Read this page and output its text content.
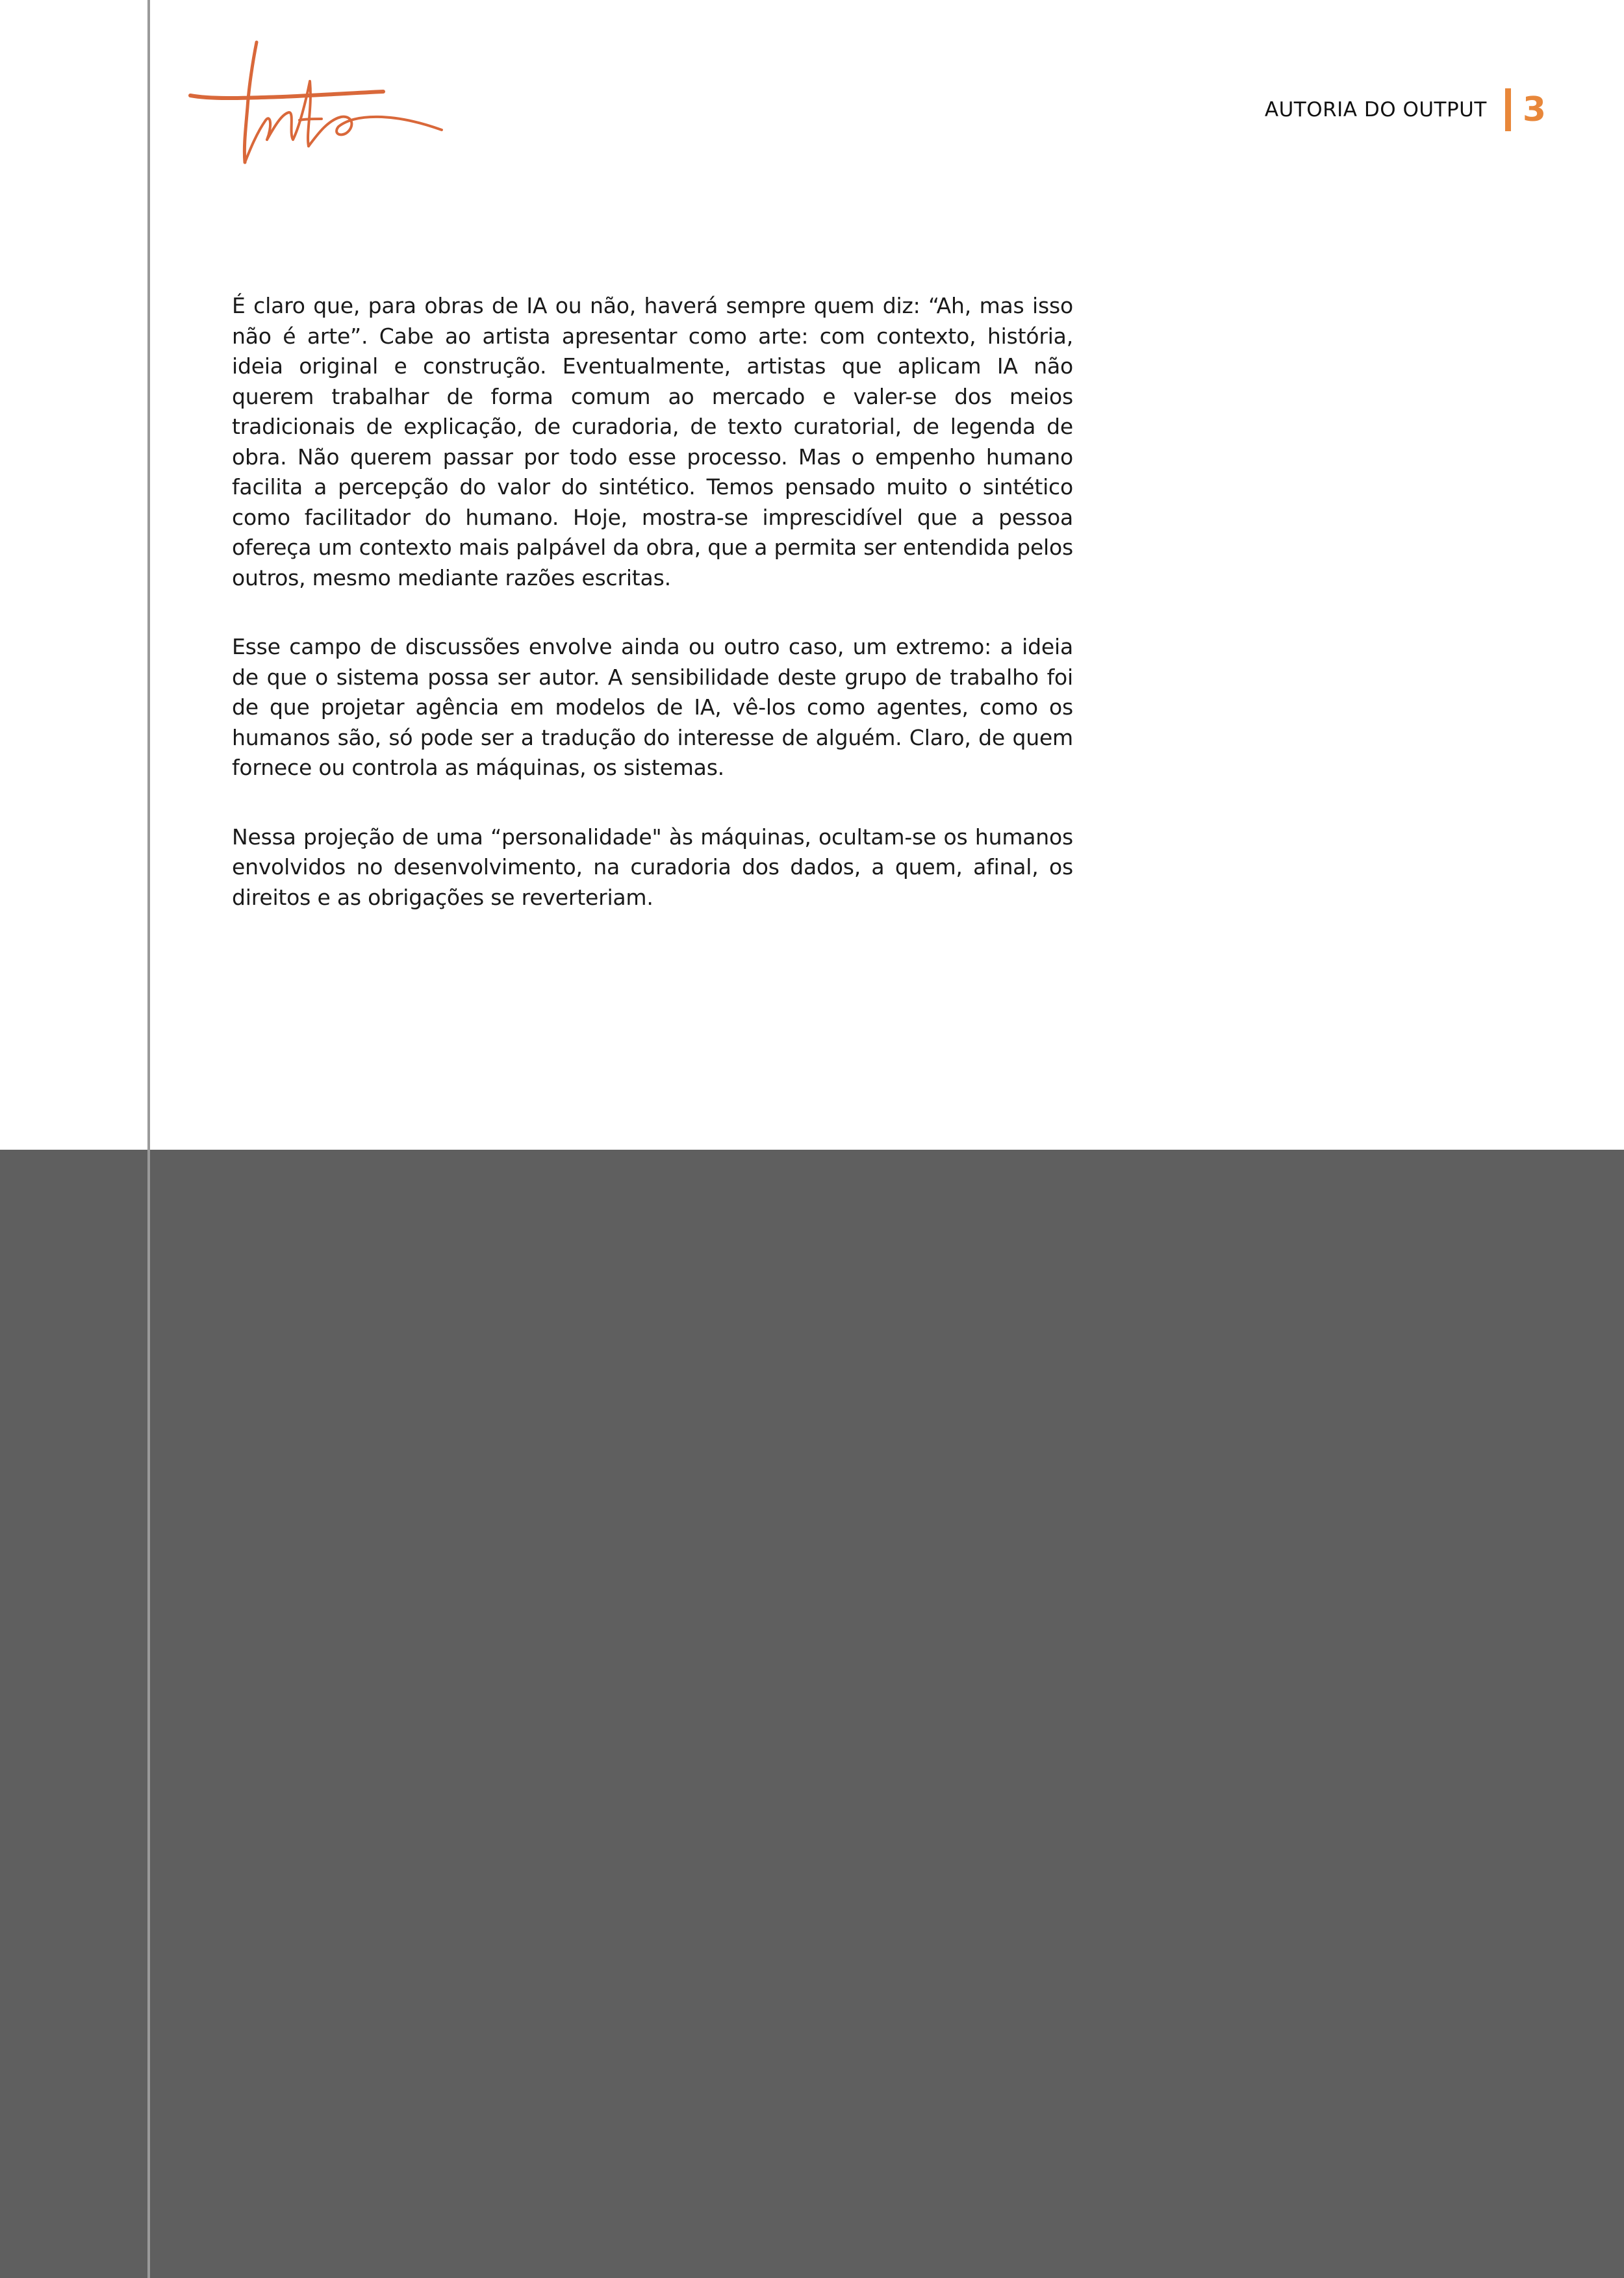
AUTORIA DO OUTPUT 3

É claro que, para obras de IA ou não, haverá sempre quem diz: “Ah, mas isso não é arte”. Cabe ao artista apresentar como arte: com contexto, história, ideia original e construção. Eventualmente, artistas que aplicam IA não querem trabalhar de forma comum ao mercado e valer-se dos meios tradicionais de explicação, de curadoria, de texto curatorial, de legenda de obra. Não querem passar por todo esse processo. Mas o empenho humano facilita a percepção do valor do sintético. Temos pensado muito o sintético como facilitador do humano. Hoje, mostra-se imprescidível que a pessoa ofereça um contexto mais palpável da obra, que a permita ser entendida pelos outros, mesmo mediante razões escritas.

Esse campo de discussões envolve ainda ou outro caso, um extremo: a ideia de que o sistema possa ser autor. A sensibilidade deste grupo de trabalho foi de que projetar agência em modelos de IA, vê-los como agentes, como os humanos são, só pode ser a tradução do interesse de alguém. Claro, de quem fornece ou controla as máquinas, os sistemas.

Nessa projeção de uma “personalidade" às máquinas, ocultam-se os humanos envolvidos no desenvolvimento, na curadoria dos dados, a quem, afinal, os direitos e as obrigações se reverteriam.
